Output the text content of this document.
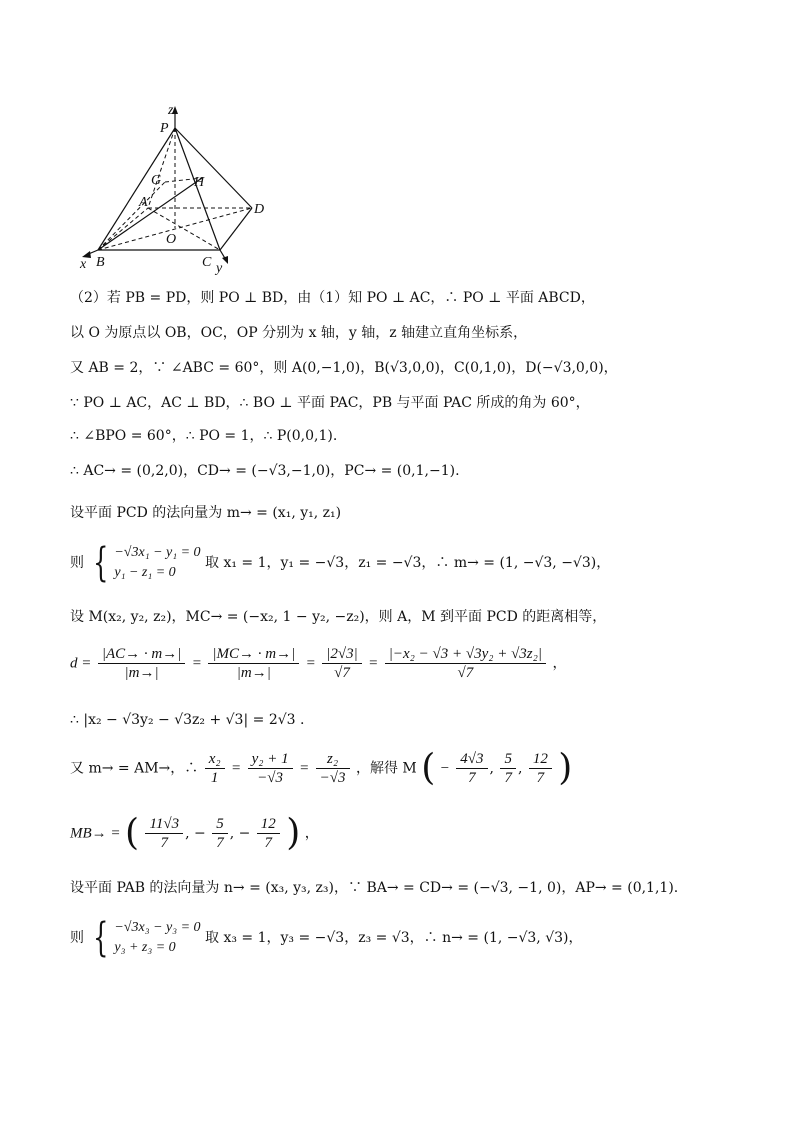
z
P
G H
A	D
O
x B	C y
（2）若 PB = PD，则 PO ⊥ BD，由（1）知 PO ⊥ AC，∴ PO ⊥ 平面 ABCD，
以 O 为原点以 OB，OC，OP 分别为 x 轴，y 轴，z 轴建立直角坐标系，
又 AB = 2，∵ ∠ABC = 60°，则 A(0,−1,0)，B(√3,0,0)，C(0,1,0)，D(−√3,0,0)，
∵ PO ⊥ AC，AC ⊥ BD，∴ BO ⊥ 平面 PAC，PB 与平面 PAC 所成的角为 60°，
∴ ∠BPO = 60°，∴ PO = 1，∴ P(0,0,1).
∴ AC→ = (0,2,0)，CD→ = (−√3,−1,0)，PC→ = (0,1,−1).
设平面 PCD 的法向量为 m→ = (x₁, y₁, z₁)
则 { −√3x₁ − y₁ = 0
y₁ − z₁ = 0
取 x₁ = 1，y₁ = −√3，z₁ = −√3，∴ m→ = (1, −√3, −√3)，
设 M(x₂, y₂, z₂)，MC→ = (−x₂, 1 − y₂, −z₂)，则 A，M 到平面 PCD 的距离相等，
$d = \frac{|AC\to \cdot m\to|}{|m\to|} = \frac{|MC\to \cdot m\to|}{|m\to|} = \frac{|2√3|}{√7} = \frac{\text{|−x₂ − √3 + √3y₂ + √3z₂|}}{√7}$ ，
∴ |x₂ − √3y₂ − √3z₂ + √3| = 2√3 .
又 m→ = AM→，∴ $\frac{\text{x₂}}{1} = \frac{\text{y₂ + 1}}{-√3} = \frac{\text{z₂}}{-√3}$ ，解得 M ( − $\frac{4√3}{7}$ , $\frac{5}{7}$ , $\frac{12}{7}$ )
MB→ = ( $\frac{11√3}{7}$ , − $\frac{5}{7}$ , − $\frac{12}{7}$ ) ，
设平面 PAB 的法向量为 n→ = (x₃, y₃, z₃)，∵ BA→ = CD→ = (−√3, −1, 0)，AP→ = (0,1,1).
则 { −√3x₃ − y₃ = 0
y₃ + z₃ = 0
取 x₃ = 1，y₃ = −√3，z₃ = √3，∴ n→ = (1, −√3, √3)，
